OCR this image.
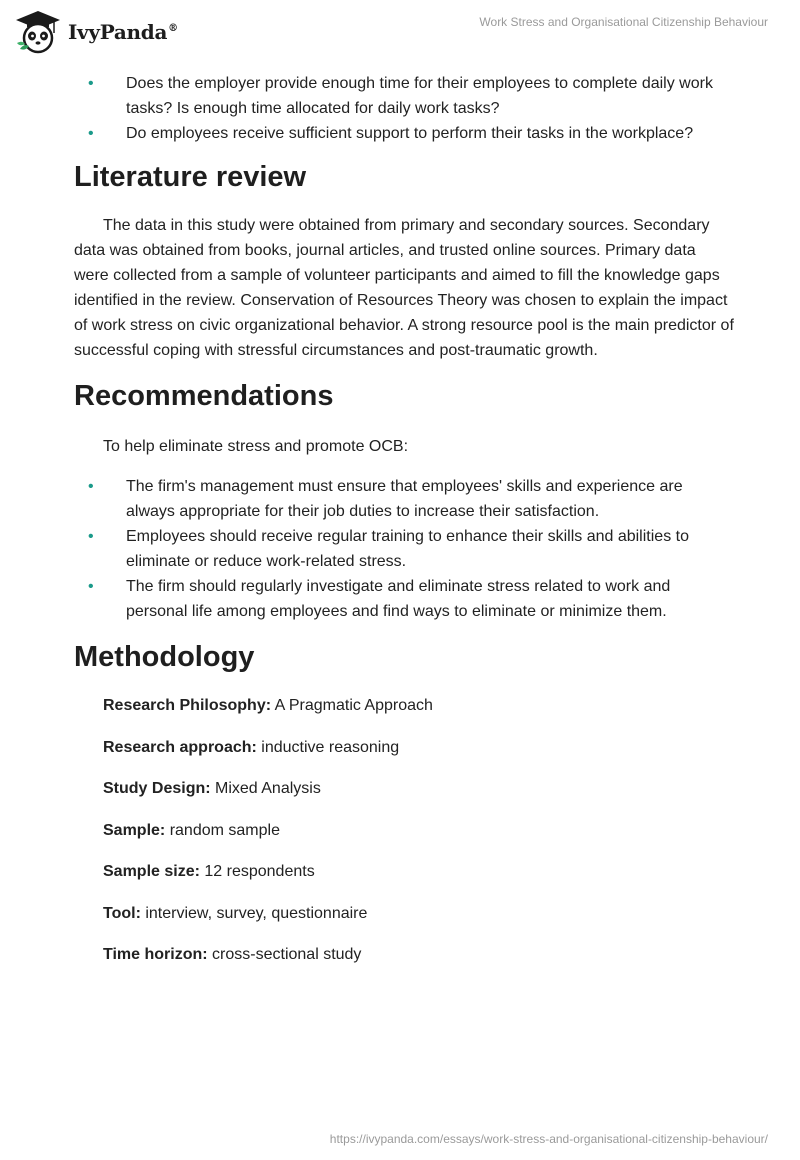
IvyPanda®	Work Stress and Organisational Citizenship Behaviour
• Does the employer provide enough time for their employees to complete daily work tasks? Is enough time allocated for daily work tasks?
• Do employees receive sufficient support to perform their tasks in the workplace?
Literature review

The data in this study were obtained from primary and secondary sources. Secondary data was obtained from books, journal articles, and trusted online sources. Primary data were collected from a sample of volunteer participants and aimed to fill the knowledge gaps identified in the review. Conservation of Resources Theory was chosen to explain the impact of work stress on civic organizational behavior. A strong resource pool is the main predictor of successful coping with stressful circumstances and post-traumatic growth.

Recommendations

To help eliminate stress and promote OCB:

• The firm's management must ensure that employees' skills and experience are always appropriate for their job duties to increase their satisfaction.
• Employees should receive regular training to enhance their skills and abilities to eliminate or reduce work-related stress.
• The firm should regularly investigate and eliminate stress related to work and personal life among employees and find ways to eliminate or minimize them.
Methodology
Research Philosophy: A Pragmatic Approach
Research approach: inductive reasoning
Study Design: Mixed Analysis
Sample: random sample
Sample size: 12 respondents
Tool: interview, survey, questionnaire
Time horizon: cross-sectional study
https://ivypanda.com/essays/work-stress-and-organisational-citizenship-behaviour/
